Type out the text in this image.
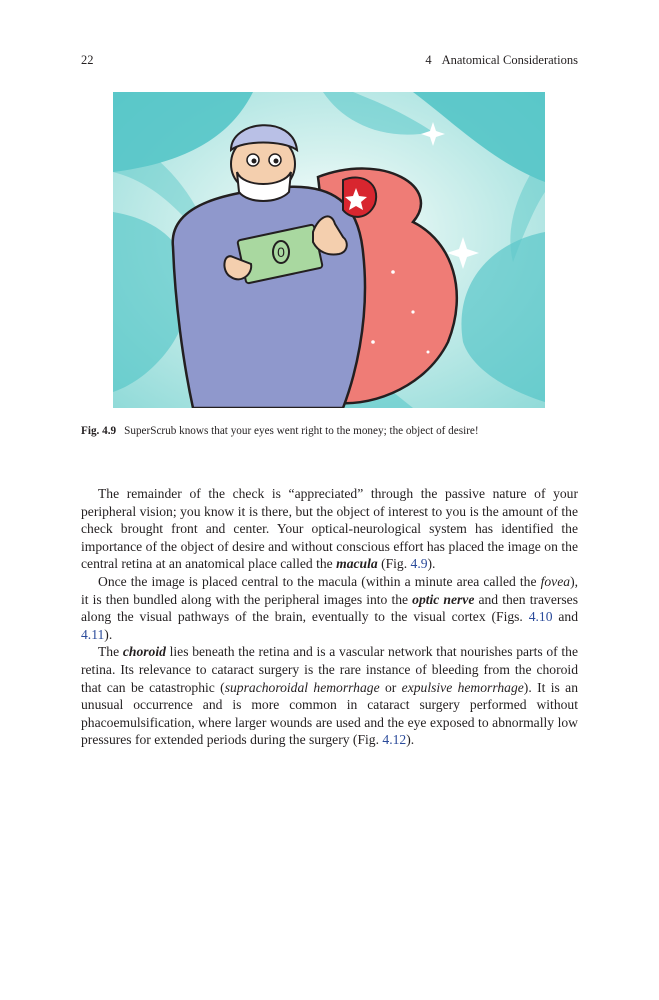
22	4 Anatomical Considerations
0
Fig. 4.9 SuperScrub knows that your eyes went right to the money; the object of desire!

The remainder of the check is “appreciated” through the passive nature of your peripheral vision; you know it is there, but the object of interest to you is the amount of the check brought front and center. Your optical-neurological system has identified the importance of the object of desire and without conscious effort has placed the image on the central retina at an anatomical place called the macula (Fig. 4.9).

Once the image is placed central to the macula (within a minute area called the fovea), it is then bundled along with the peripheral images into the optic nerve and then traverses along the visual pathways of the brain, eventually to the visual cortex (Figs. 4.10 and 4.11).

The choroid lies beneath the retina and is a vascular network that nourishes parts of the retina. Its relevance to cataract surgery is the rare instance of bleeding from the choroid that can be catastrophic (suprachoroidal hemorrhage or expulsive hemorrhage). It is an unusual occurrence and is more common in cataract surgery performed without phacoemulsification, where larger wounds are used and the eye exposed to abnormally low pressures for extended periods during the surgery (Fig. 4.12).
